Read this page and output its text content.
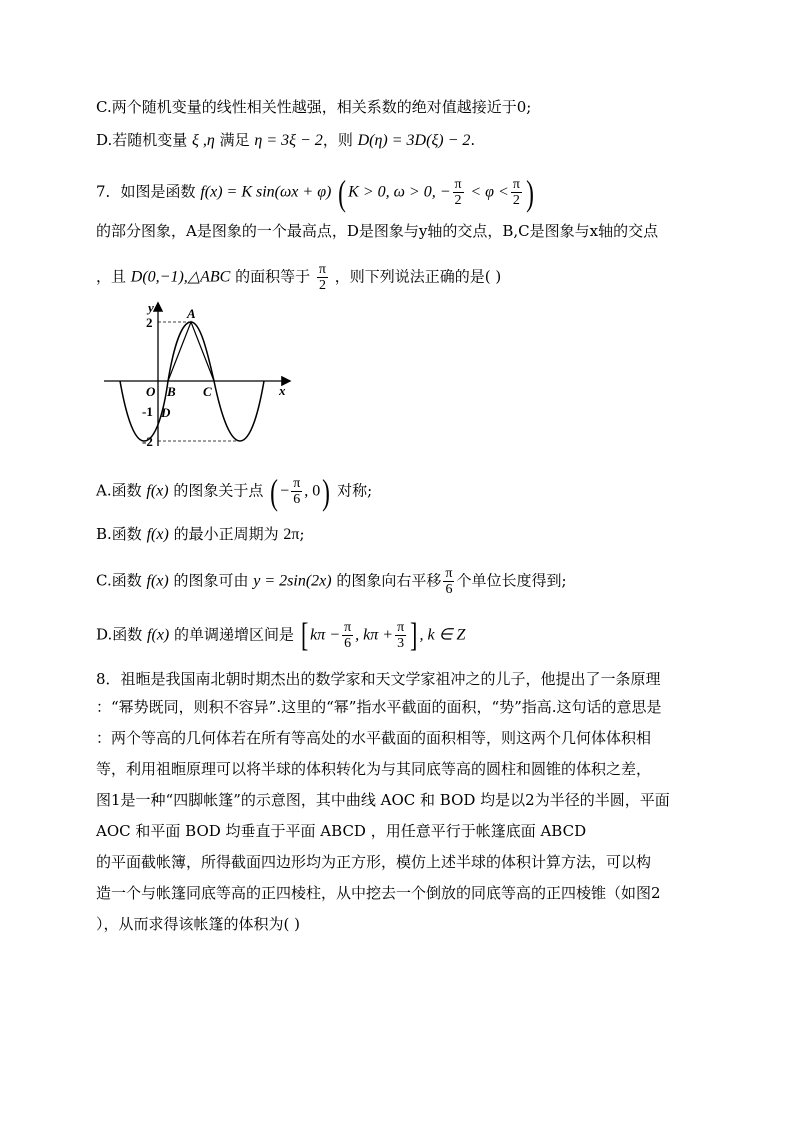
C.两个随机变量的线性相关性越强，相关系数的绝对值越接近于0;
D.若随机变量 ξ ,η 满足 η = 3ξ − 2，则 D(η) = 3D(ξ) − 2.
7．如图是函数 f(x) = K sin(ωx + φ) ( K > 0, ω > 0, − $\frac{\pi}{2} < \varphi < \frac{\pi}{2}$ )
的部分图象，A是图象的一个最高点，D是图象与y轴的交点，B,C是图象与x轴的交点
，且 D(0,−1),△ABC 的面积等于 $\frac{\pi}{2}$ ，则下列说法正确的是( )
y
x
2
-1
-2
O
A
B C
D
A.函数 f(x) 的图象关于点 ( − $\frac{\pi}{6}$ , 0) 对称;
B.函数 f(x) 的最小正周期为 2π;
C.函数 f(x) 的图象可由 y = 2sin(2x) 的图象向右平移 $\frac{\pi}{6}$ 个单位长度得到;
D.函数 f(x) 的单调递增区间是 [ $k\pi - \frac{\pi}{6}$ , $k\pi + \frac{\pi}{3}$ ] , k ∈ Z
8．祖暅是我国南北朝时期杰出的数学家和天文学家祖冲之的儿子，他提出了一条原理
：“幂势既同，则积不容异”.这里的“幂”指水平截面的面积，“势”指高.这句话的意思是
：两个等高的几何体若在所有等高处的水平截面的面积相等，则这两个几何体体积相
等，利用祖暅原理可以将半球的体积转化为与其同底等高的圆柱和圆锥的体积之差，
图1是一种“四脚帐篷”的示意图，其中曲线 AOC 和 BOD 均是以2为半径的半圆，平面
AOC 和平面 BOD 均垂直于平面 ABCD ，用任意平行于帐篷底面 ABCD
的平面截帐簿，所得截面四边形均为正方形，模仿上述半球的体积计算方法，可以构
造一个与帐篷同底等高的正四棱柱，从中挖去一个倒放的同底等高的正四棱锥（如图2
），从而求得该帐篷的体积为( )
